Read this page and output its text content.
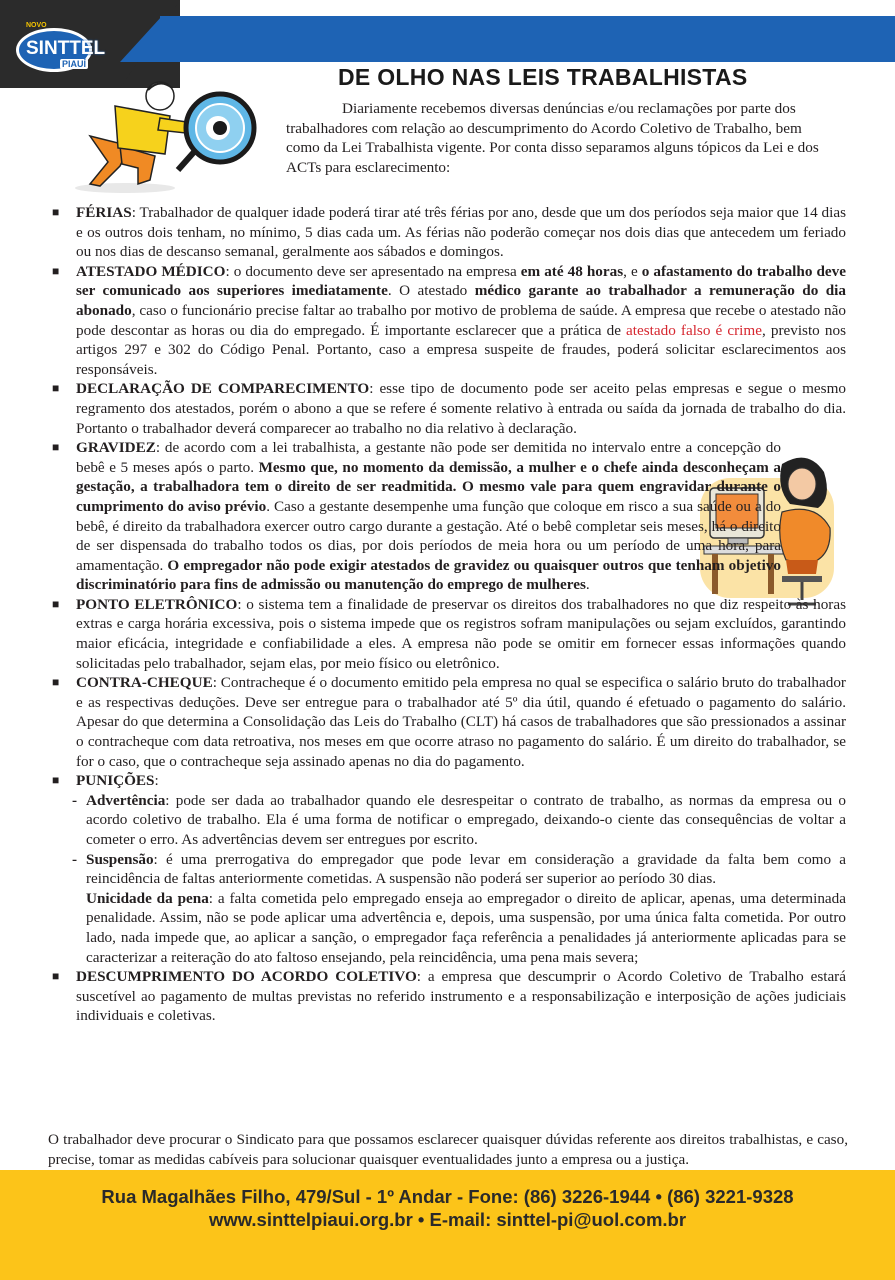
NOVO
SINTTEL
PIAUÍ	DE OLHO NAS LEIS TRABALHISTAS

Diariamente recebemos diversas denúncias e/ou reclamações por parte dos trabalhadores com relação ao descumprimento do Acordo Coletivo de Trabalho, bem como da Lei Trabalhista vigente. Por conta disso separamos alguns tópicos da Lei e dos ACTs para esclarecimento:

■ FÉRIAS: Trabalhador de qualquer idade poderá tirar até três férias por ano, desde que um dos períodos seja maior que 14 dias e os outros dois tenham, no mínimo, 5 dias cada um. As férias não poderão começar nos dois dias que antecedem um feriado ou nos dias de descanso semanal, geralmente aos sábados e domingos.

■ ATESTADO MÉDICO: o documento deve ser apresentado na empresa em até 48 horas, e o afastamento do trabalho deve ser comunicado aos superiores imediatamente. O atestado médico garante ao trabalhador a remuneração do dia abonado, caso o funcionário precise faltar ao trabalho por motivo de problema de saúde. A empresa que recebe o atestado não pode descontar as horas ou dia do empregado. É importante esclarecer que a prática de atestado falso é crime, previsto nos artigos 297 e 302 do Código Penal. Portanto, caso a empresa suspeite de fraudes, poderá solicitar esclarecimentos aos responsáveis.

■ DECLARAÇÃO DE COMPARECIMENTO: esse tipo de documento pode ser aceito pelas empresas e segue o mesmo regramento dos atestados, porém o abono a que se refere é somente relativo à entrada ou saída da jornada de trabalho do dia. Portanto o trabalhador deverá comparecer ao trabalho no dia relativo à declaração.

■ GRAVIDEZ: de acordo com a lei trabalhista, a gestante não pode ser demitida no intervalo entre a concepção do bebê e 5 meses após o parto. Mesmo que, no momento da demissão, a mulher e o chefe ainda desconheçam a gestação, a trabalhadora tem o direito de ser readmitida. O mesmo vale para quem engravidar durante o cumprimento do aviso prévio. Caso a gestante desempenhe uma função que coloque em risco a sua saúde ou a do bebê, é direito da trabalhadora exercer outro cargo durante a gestação. Até o bebê completar seis meses, há o direito de ser dispensada do trabalho todos os dias, por dois períodos de meia hora ou um período de uma hora, para amamentação. O empregador não pode exigir atestados de gravidez ou quaisquer outros que tenham objetivo discriminatório para fins de admissão ou manutenção do emprego de mulheres.

■ PONTO ELETRÔNICO: o sistema tem a finalidade de preservar os direitos dos trabalhadores no que diz respeito às horas extras e carga horária excessiva, pois o sistema impede que os registros sofram manipulações ou sejam excluídos, garantindo maior eficácia, integridade e confiabilidade a eles. A empresa não pode se omitir em fornecer essas informações quando solicitadas pelo trabalhador, sejam elas, por meio físico ou eletrônico.

■ CONTRA-CHEQUE: Contracheque é o documento emitido pela empresa no qual se especifica o salário bruto do trabalhador e as respectivas deduções. Deve ser entregue para o trabalhador até 5º dia útil, quando é efetuado o pagamento do salário. Apesar do que determina a Consolidação das Leis do Trabalho (CLT) há casos de trabalhadores que são pressionados a assinar o contracheque com data retroativa, nos meses em que ocorre atraso no pagamento do salário. É um direito do trabalhador, se for o caso, que o contracheque seja assinado apenas no dia do pagamento.

■ PUNIÇÕES:

- Advertência: pode ser dada ao trabalhador quando ele desrespeitar o contrato de trabalho, as normas da empresa ou o acordo coletivo de trabalho. Ela é uma forma de notificar o empregado, deixando-o ciente das consequências de voltar a cometer o erro. As advertências devem ser entregues por escrito.

- Suspensão: é uma prerrogativa do empregador que pode levar em consideração a gravidade da falta bem como a reincidência de faltas anteriormente cometidas. A suspensão não poderá ser superior ao período 30 dias.

Unicidade da pena: a falta cometida pelo empregado enseja ao empregador o direito de aplicar, apenas, uma determinada penalidade. Assim, não se pode aplicar uma advertência e, depois, uma suspensão, por uma única falta cometida. Por outro lado, nada impede que, ao aplicar a sanção, o empregador faça referência a penalidades já anteriormente aplicadas para se caracterizar a reiteração do ato faltoso ensejando, pela reincidência, uma pena mais severa;

■ DESCUMPRIMENTO DO ACORDO COLETIVO: a empresa que descumprir o Acordo Coletivo de Trabalho estará suscetível ao pagamento de multas previstas no referido instrumento e a responsabilização e interposição de ações judiciais individuais e coletivas.

O trabalhador deve procurar o Sindicato para que possamos esclarecer quaisquer dúvidas referente aos direitos trabalhistas, e caso, precise, tomar as medidas cabíveis para solucionar quaisquer eventualidades junto a empresa ou a justiça.

Rua Magalhães Filho, 479/Sul - 1º Andar - Fone: (86) 3226-1944 • (86) 3221-9328
www.sinttelpiaui.org.br • E-mail: sinttel-pi@uol.com.br
